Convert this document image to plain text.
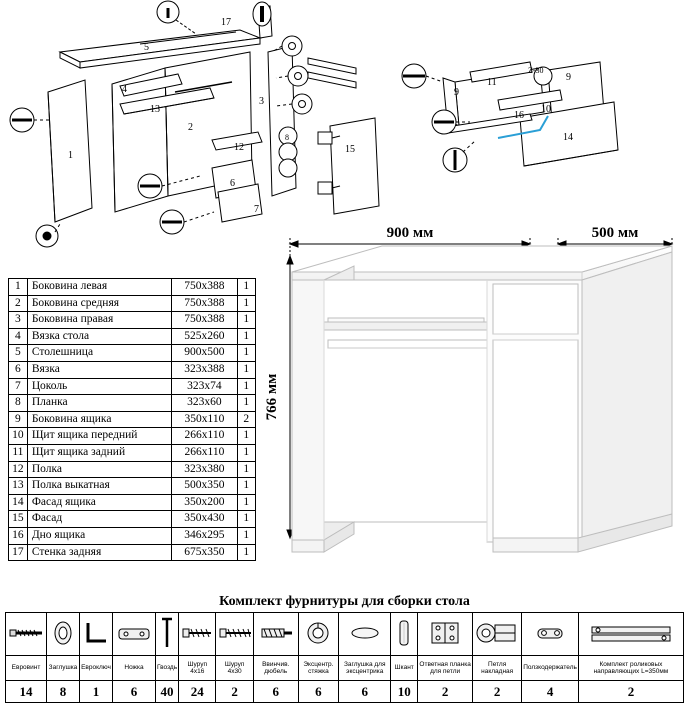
17
5
4
13
2
1
12
6
7
3
15
8
11	9
9
10
14
16
Z-30
1	Боковина левая	750x388	1
2	Боковина средняя	750x388	1
3	Боковина правая	750x388	1
4	Вязка стола	525x260	1
5	Столешница	900x500	1
6	Вязка	323x388	1
7	Цоколь	323x74	1
8	Планка	323x60	1
9	Боковина ящика	350x110	2
10	Щит ящика передний	266x110	1
11	Щит ящика задний	266x110	1
12	Полка	323x380	1
13	Полка выкатная	500x350	1
14	Фасад ящика	350x200	1
15	Фасад	350x430	1
16	Дно ящика	346x295	1
17	Стенка задняя	675x350	1
900 мм	500 мм
766 мм
Комплект фурнитуры для сборки стола

Евровинт	Заглушка	Евроключ	Ножка	Гвоздь	Шуруп 4x16	Шуруп 4x30	Ввинчив. дюбель	Эксцентр. стяжка	Заглушка для эксцентрика	Шкант	Ответная планка для петли	Петля накладная	Ползкодержатель	Комплект роликовых направляющих L=350мм
14	8	1	6	40	24	2	6	6	6	10	2	2	4	2
